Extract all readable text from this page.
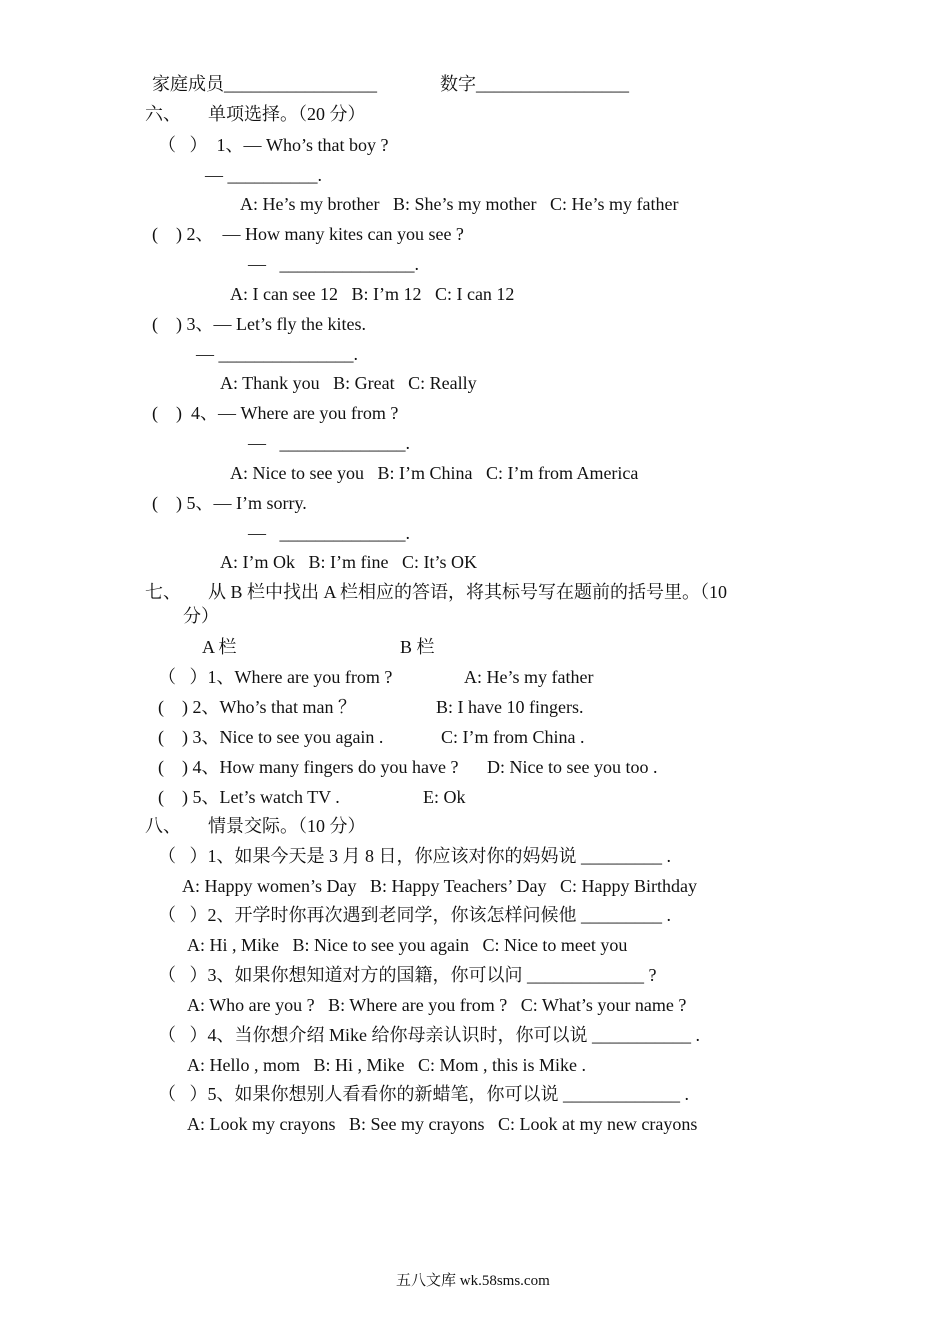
家庭成员_________________	数字_________________
六、      单项选择。（20 分）
（   ）  1、— Who’s that boy ?
— __________.
A: He’s my brother   B: She’s my mother   C: He’s my father
(    ) 2、  — How many kites can you see ?
—   _______________.
A: I can see 12   B: I’m 12   C: I can 12
(    ) 3、— Let’s fly the kites.
— _______________.
A: Thank you   B: Great   C: Really
(    )  4、— Where are you from ?
—   ______________.
A: Nice to see you   B: I’m China   C: I’m from America
(    ) 5、— I’m sorry.
—   ______________.
A: I’m Ok   B: I’m fine   C: It’s OK
七、      从 B 栏中找出 A 栏相应的答语，将其标号写在题前的括号里。（10
分）
A 栏	B 栏
（   ）1、Where are you from ?	A: He’s my father
(    ) 2、Who’s that man ？	B: I have 10 fingers.
(    ) 3、Nice to see you again .	C: I’m from China .
(    ) 4、How many fingers do you have ? D: Nice to see you too .
(    ) 5、Let’s watch TV .	E: Ok
八、      情景交际。（10 分）
（   ）1、如果今天是 3 月 8 日，你应该对你的妈妈说 _________ .
A: Happy women’s Day   B: Happy Teachers’ Day   C: Happy Birthday
（   ）2、开学时你再次遇到老同学，你该怎样问候他 _________ .
A: Hi , Mike   B: Nice to see you again   C: Nice to meet you
（   ）3、如果你想知道对方的国籍，你可以问 _____________ ?
A: Who are you ?   B: Where are you from ?   C: What’s your name ?
（   ）4、当你想介绍 Mike 给你母亲认识时，你可以说 ___________ .
A: Hello , mom   B: Hi , Mike   C: Mom , this is Mike .
（   ）5、如果你想别人看看你的新蜡笔，你可以说 _____________ .
A: Look my crayons   B: See my crayons   C: Look at my new crayons
五八文库 wk.58sms.com
